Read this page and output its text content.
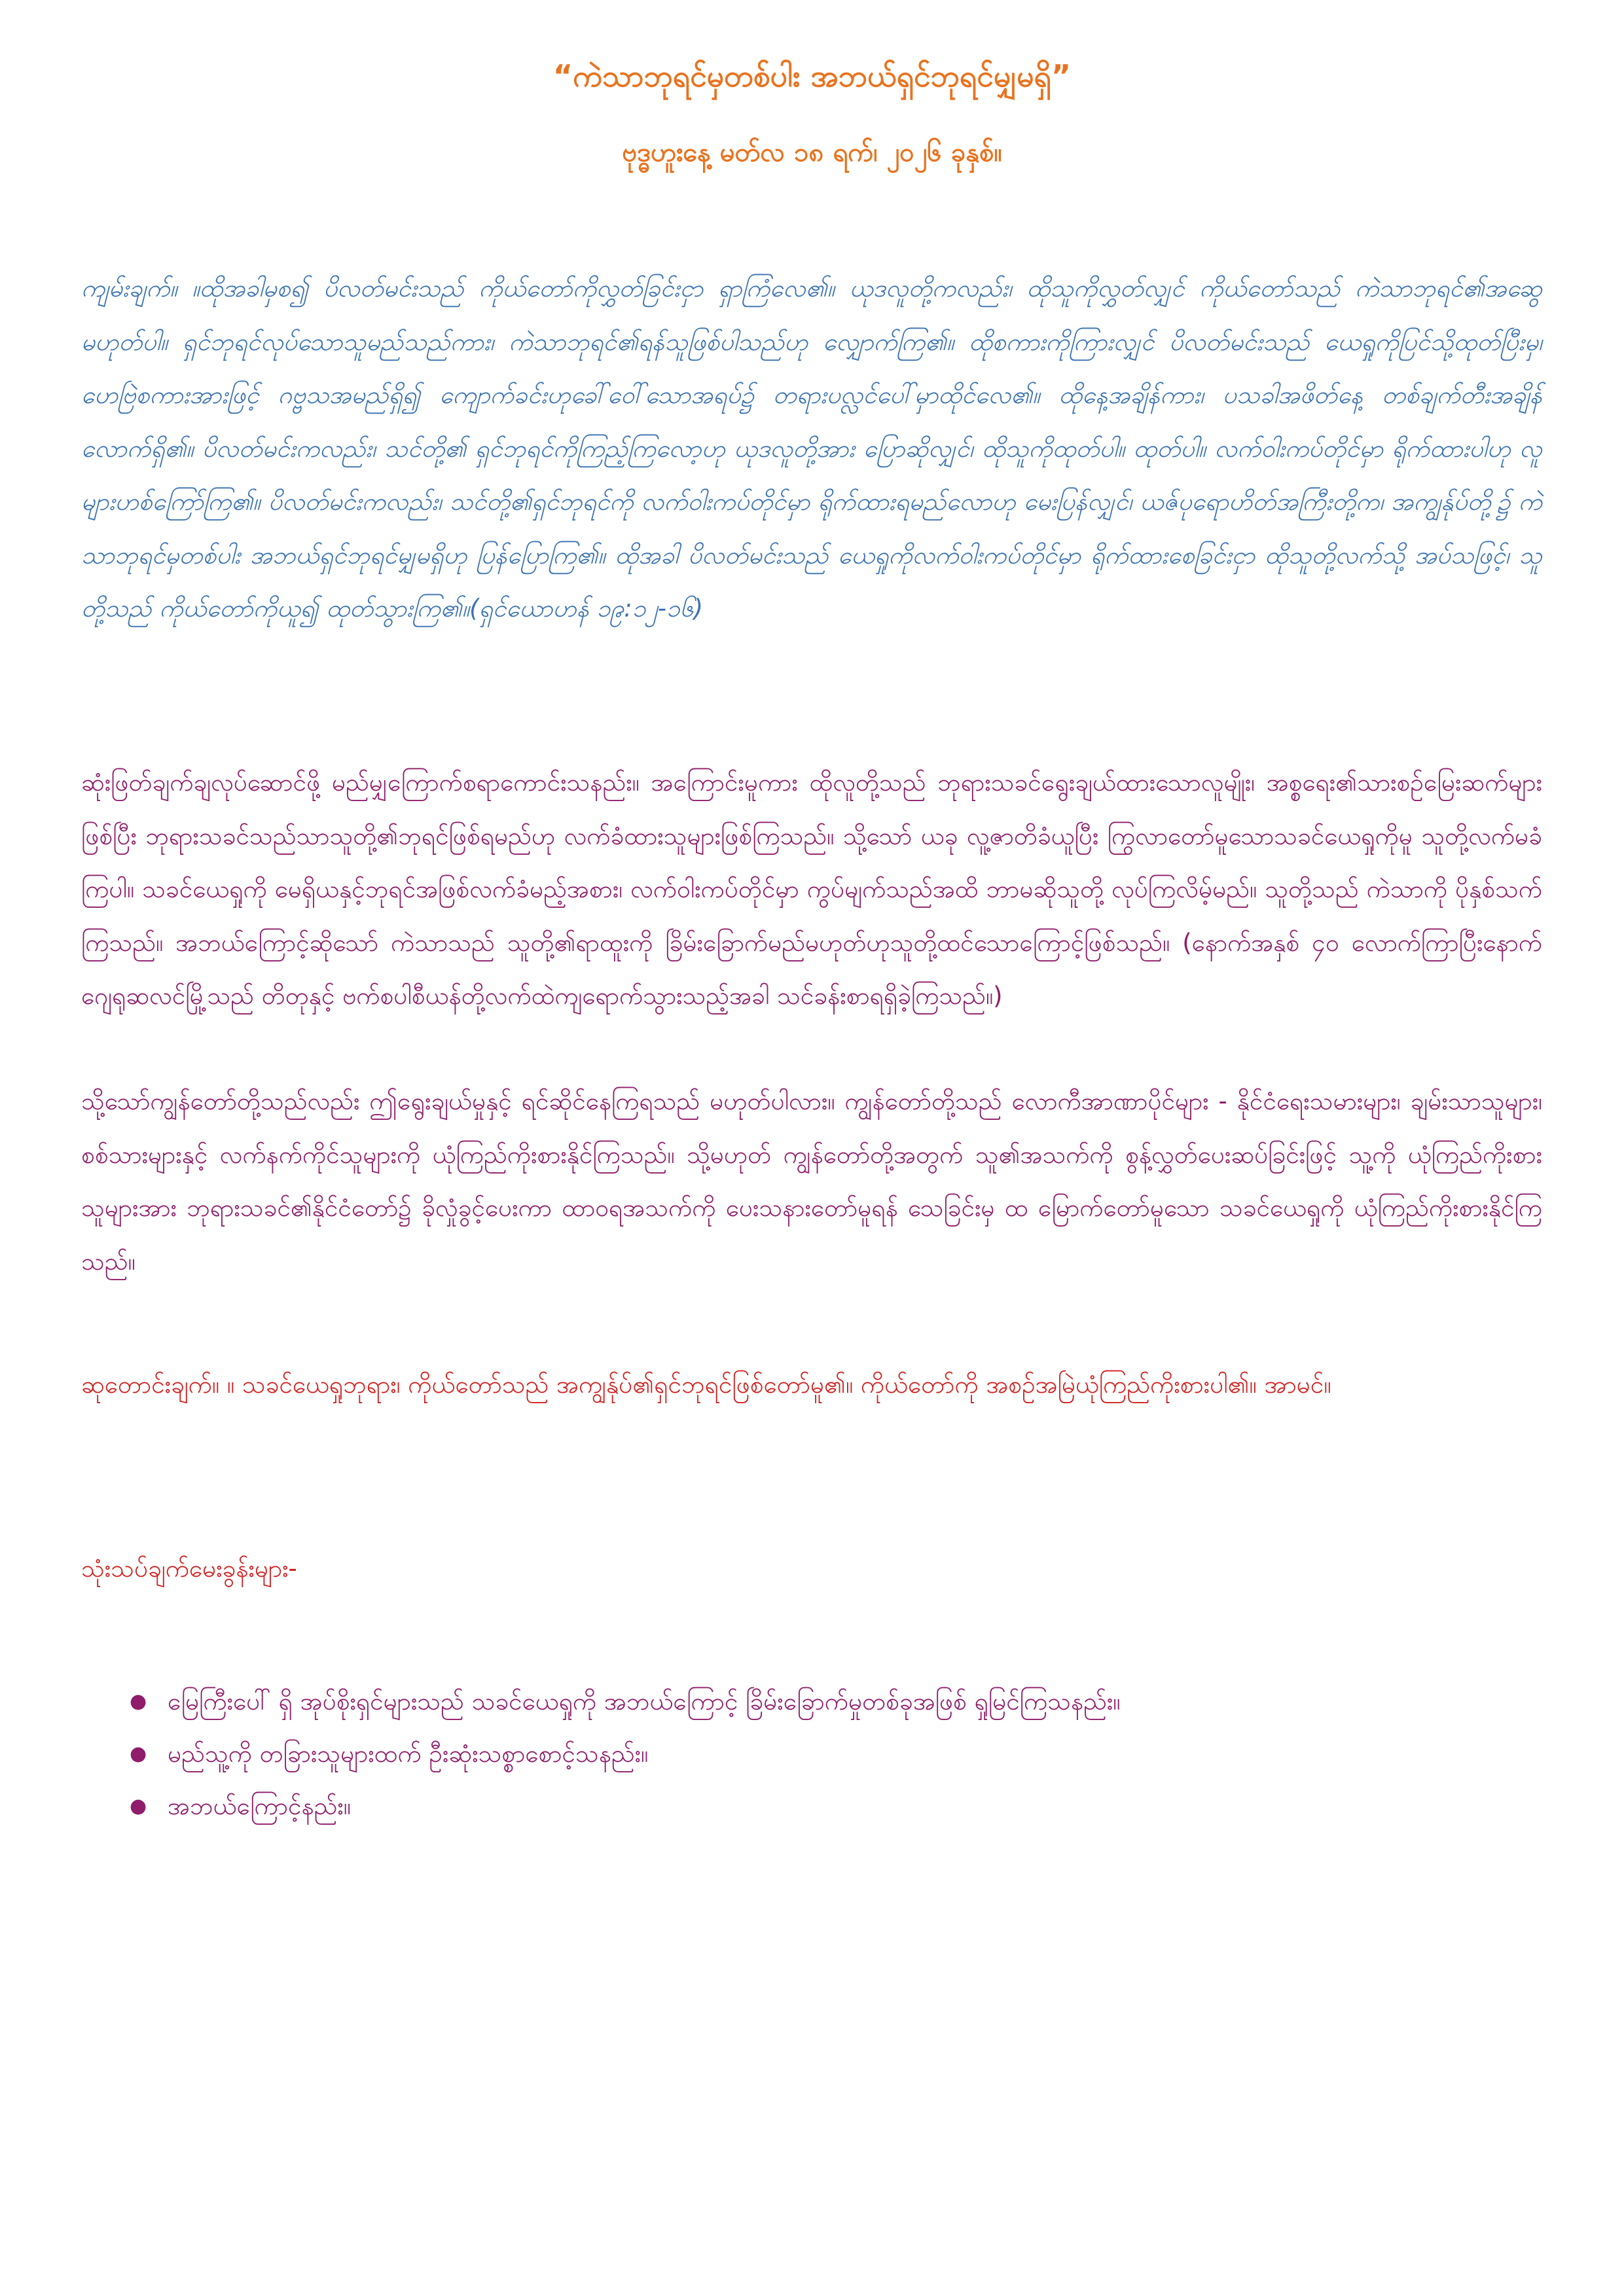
“ကဲသာဘုရင်မှတစ်ပါး အဘယ်ရှင်ဘုရင်မျှမရှိ”
ဗုဒ္ဓဟူးနေ့ မတ်လ ၁၈ ရက်၊ ၂၀၂၆ ခုနှစ်။

ကျမ်းချက်။ ။ထိုအခါမှစ၍ ပိလတ်မင်းသည် ကိုယ်တော်ကိုလွှတ်ခြင်းငှာ ရှာကြံလေ၏။ ယုဒလူတို့ကလည်း၊ ထိုသူကိုလွှတ်လျှင် ကိုယ်တော်သည် ကဲသာဘုရင်၏အဆွေ မဟုတ်ပါ။ ရှင်ဘုရင်လုပ်သောသူမည်သည်ကား၊ ကဲသာဘုရင်၏ရန်သူဖြစ်ပါသည်ဟု လျှောက်ကြ၏။ ထိုစကားကိုကြားလျှင် ပိလတ်မင်းသည် ယေရှုကိုပြင်သို့ထုတ်ပြီးမှ၊ ဟေဗြဲစကားအားဖြင့် ဂဗ္ဗသအမည်ရှိ၍ ကျောက်ခင်းဟုခေါ်ဝေါ်သောအရပ်၌ တရားပလ္လင်ပေါ်မှာထိုင်လေ၏။ ထိုနေ့အချိန်ကား၊ ပသခါအဖိတ်နေ့ တစ်ချက်တီးအချိန်လောက်ရှိ၏။ ပိလတ်မင်းကလည်း၊ သင်တို့၏ ရှင်ဘုရင်ကိုကြည့်ကြလော့ဟု ယုဒလူတို့အား ပြောဆိုလျှင်၊ ထိုသူကိုထုတ်ပါ။ ထုတ်ပါ။ လက်ဝါးကပ်တိုင်မှာ ရိုက်ထားပါဟု လူများဟစ်ကြော်ကြ၏။ ပိလတ်မင်းကလည်း၊ သင်တို့၏ရှင်ဘုရင်ကို လက်ဝါးကပ်တိုင်မှာ ရိုက်ထားရမည်လောဟု မေးပြန်လျှင်၊ ယဇ်ပုရောဟိတ်အကြီးတို့က၊ အကျွန်ုပ်တို့၌ ကဲသာဘုရင်မှတစ်ပါး အဘယ်ရှင်ဘုရင်မျှမရှိဟု ပြန်ပြောကြ၏။ ထိုအခါ ပိလတ်မင်းသည် ယေရှုကိုလက်ဝါးကပ်တိုင်မှာ ရိုက်ထားစေခြင်းငှာ ထိုသူတို့လက်သို့ အပ်သဖြင့်၊ သူတို့သည် ကိုယ်တော်ကိုယူ၍ ထုတ်သွားကြ၏။(ရှင်ယောဟန် ၁၉:၁၂-၁၆)

ဆုံးဖြတ်ချက်ချလုပ်ဆောင်ဖို့ မည်မျှကြောက်စရာကောင်းသနည်း။ အကြောင်းမူကား ထိုလူတို့သည် ဘုရားသခင်ရွေးချယ်ထားသောလူမျိုး၊ အစ္စရေး၏သားစဉ်မြေးဆက်များဖြစ်ပြီး ဘုရားသခင်သည်သာသူတို့၏ဘုရင်ဖြစ်ရမည်ဟု လက်ခံထားသူများဖြစ်ကြသည်။ သို့သော် ယခု လူ့ဇာတိခံယူပြီး ကြွလာတော်မူသောသခင်ယေရှုကိုမူ သူတို့လက်မခံကြပါ။ သခင်ယေရှုကို မေရှိယနှင့်ဘုရင်အဖြစ်လက်ခံမည့်အစား၊ လက်ဝါးကပ်တိုင်မှာ ကွပ်မျက်သည်အထိ ဘာမဆိုသူတို့ လုပ်ကြလိမ့်မည်။ သူတို့သည် ကဲသာကို ပိုနှစ်သက်ကြသည်။ အဘယ်ကြောင့်ဆိုသော် ကဲသာသည် သူတို့၏ရာထူးကို ခြိမ်းခြောက်မည်မဟုတ်ဟုသူတို့ထင်သောကြောင့်ဖြစ်သည်။ (နောက်အနှစ် ၄၀ လောက်ကြာပြီးနောက် ဂျေရုဆလင်မြို့သည် တိတုနှင့် ဗက်စပါစီယန်တို့လက်ထဲကျရောက်သွားသည့်အခါ သင်ခန်းစာရရှိခဲ့ကြသည်။)

သို့သော်ကျွန်တော်တို့သည်လည်း ဤရွေးချယ်မှုနှင့် ရင်ဆိုင်နေကြရသည် မဟုတ်ပါလား။ ကျွန်တော်တို့သည် လောကီအာဏာပိုင်များ - နိုင်ငံရေးသမားများ၊ ချမ်းသာသူများ၊ စစ်သားများနှင့် လက်နက်ကိုင်သူများကို ယုံကြည်ကိုးစားနိုင်ကြသည်။ သို့မဟုတ် ကျွန်တော်တို့အတွက် သူ၏အသက်ကို စွန့်လွှတ်ပေးဆပ်ခြင်းဖြင့် သူ့ကို ယုံကြည်ကိုးစားသူများအား ဘုရားသခင်၏နိုင်ငံတော်၌ ခိုလှုံခွင့်ပေးကာ ထာဝရအသက်ကို ပေးသနားတော်မူရန် သေခြင်းမှ ထ မြောက်တော်မူသော သခင်ယေရှုကို ယုံကြည်ကိုးစားနိုင်ကြသည်။

ဆုတောင်းချက်။ ။ သခင်ယေရှုဘုရား၊ ကိုယ်တော်သည် အကျွန်ုပ်၏ရှင်ဘုရင်ဖြစ်တော်မူ၏။ ကိုယ်တော်ကို အစဉ်အမြဲယုံကြည်ကိုးစားပါ၏။ အာမင်။

သုံးသပ်ချက်မေးခွန်းများ-

● မြေကြီးပေါ် ရှိ အုပ်စိုးရှင်များသည် သခင်ယေရှုကို အဘယ်ကြောင့် ခြိမ်းခြောက်မှုတစ်ခုအဖြစ် ရှုမြင်ကြသနည်း။
● မည်သူ့ကို တခြားသူများထက် ဦးဆုံးသစ္စာစောင့်သနည်း။
● အဘယ်ကြောင့်နည်း။
